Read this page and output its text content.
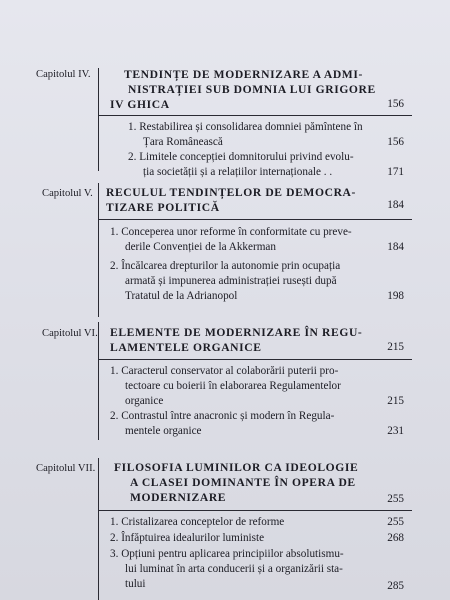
Capitolul IV.	TENDINȚE DE MODERNIZARE A ADMI-
NISTRAȚIEI SUB DOMNIA LUI GRIGORE
IV GHICA	156
1. Restabilirea și consolidarea domniei pămîntene în
Țara Românească	156
2. Limitele concepției domnitorului privind evolu-
ția societății și a relațiilor internaționale . .	171
Capitolul V. RECULUL TENDINȚELOR DE DEMOCRA-
TIZARE POLITICĂ	184
1. Conceperea unor reforme în conformitate cu preve-
derile Convenției de la Akkerman	184
2. Încălcarea drepturilor la autonomie prin ocupația
armată și impunerea administrației rusești după
Tratatul de la Adrianopol	198
Capitolul VI. ELEMENTE DE MODERNIZARE ÎN REGU-
LAMENTELE ORGANICE	215
1. Caracterul conservator al colaborării puterii pro-
tectoare cu boierii în elaborarea Regulamentelor
organice	215
2. Contrastul între anacronic și modern în Regula-
mentele organice	231
Capitolul VII. FILOSOFIA LUMINILOR CA IDEOLOGIE
A CLASEI DOMINANTE ÎN OPERA DE
MODERNIZARE	255
1. Cristalizarea conceptelor de reforme	255
2. Înfăptuirea idealurilor luministe	268
3. Opțiuni pentru aplicarea principiilor absolutismu-
lui luminat în arta conducerii și a organizării sta-
tului	285
